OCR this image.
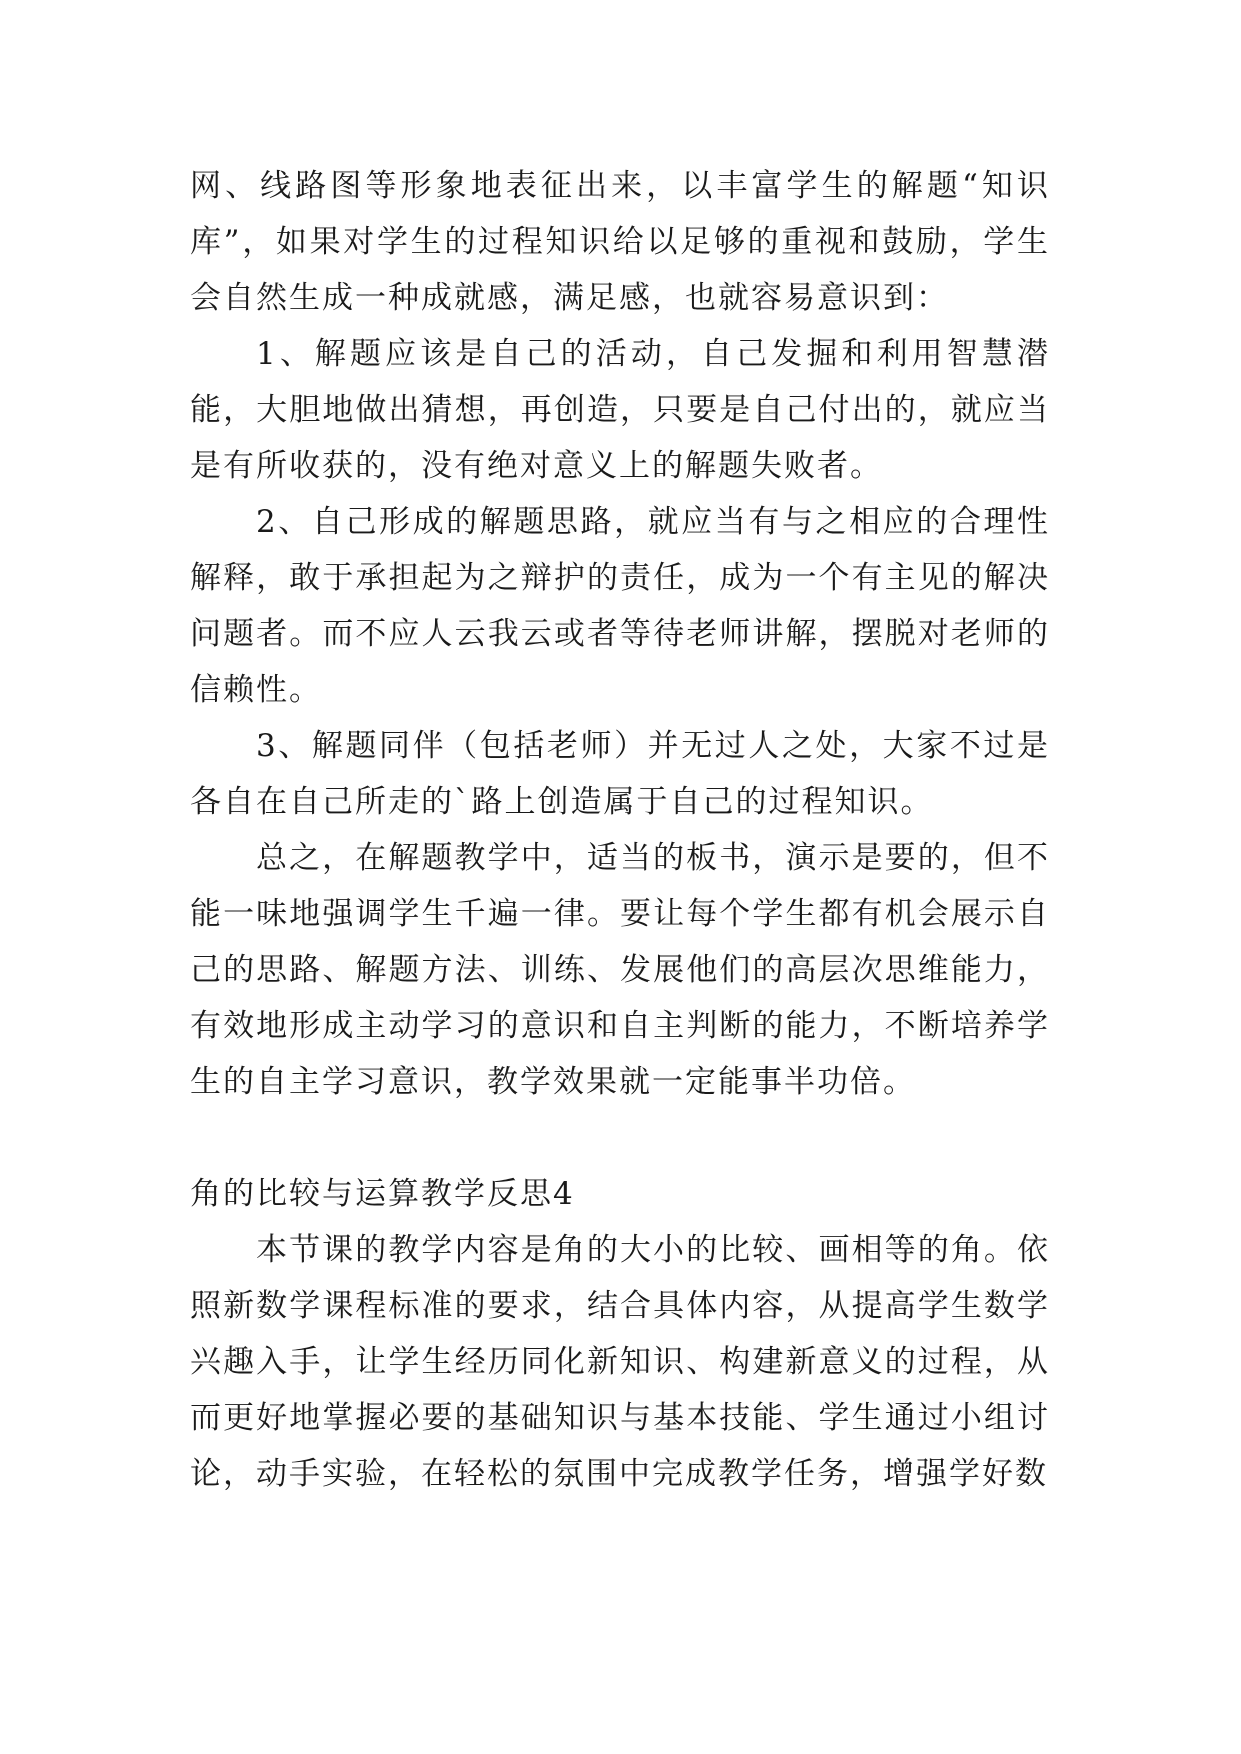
网、线路图等形象地表征出来，以丰富学生的解题“知识库”，如果对学生的过程知识给以足够的重视和鼓励，学生会自然生成一种成就感，满足感，也就容易意识到：

1、解题应该是自己的活动，自己发掘和利用智慧潜能，大胆地做出猜想，再创造，只要是自己付出的，就应当是有所收获的，没有绝对意义上的解题失败者。

2、自己形成的解题思路，就应当有与之相应的合理性解释，敢于承担起为之辩护的责任，成为一个有主见的解决问题者。而不应人云我云或者等待老师讲解，摆脱对老师的信赖性。

3、解题同伴（包括老师）并无过人之处，大家不过是各自在自己所走的`路上创造属于自己的过程知识。

总之，在解题教学中，适当的板书，演示是要的，但不能一味地强调学生千遍一律。要让每个学生都有机会展示自己的思路、解题方法、训练、发展他们的高层次思维能力，有效地形成主动学习的意识和自主判断的能力，不断培养学生的自主学习意识，教学效果就一定能事半功倍。

角的比较与运算教学反思4

本节课的教学内容是角的大小的比较、画相等的角。依照新数学课程标准的要求，结合具体内容，从提高学生数学兴趣入手，让学生经历同化新知识、构建新意义的过程，从而更好地掌握必要的基础知识与基本技能、学生通过小组讨论，动手实验，在轻松的氛围中完成教学任务，增强学好数
